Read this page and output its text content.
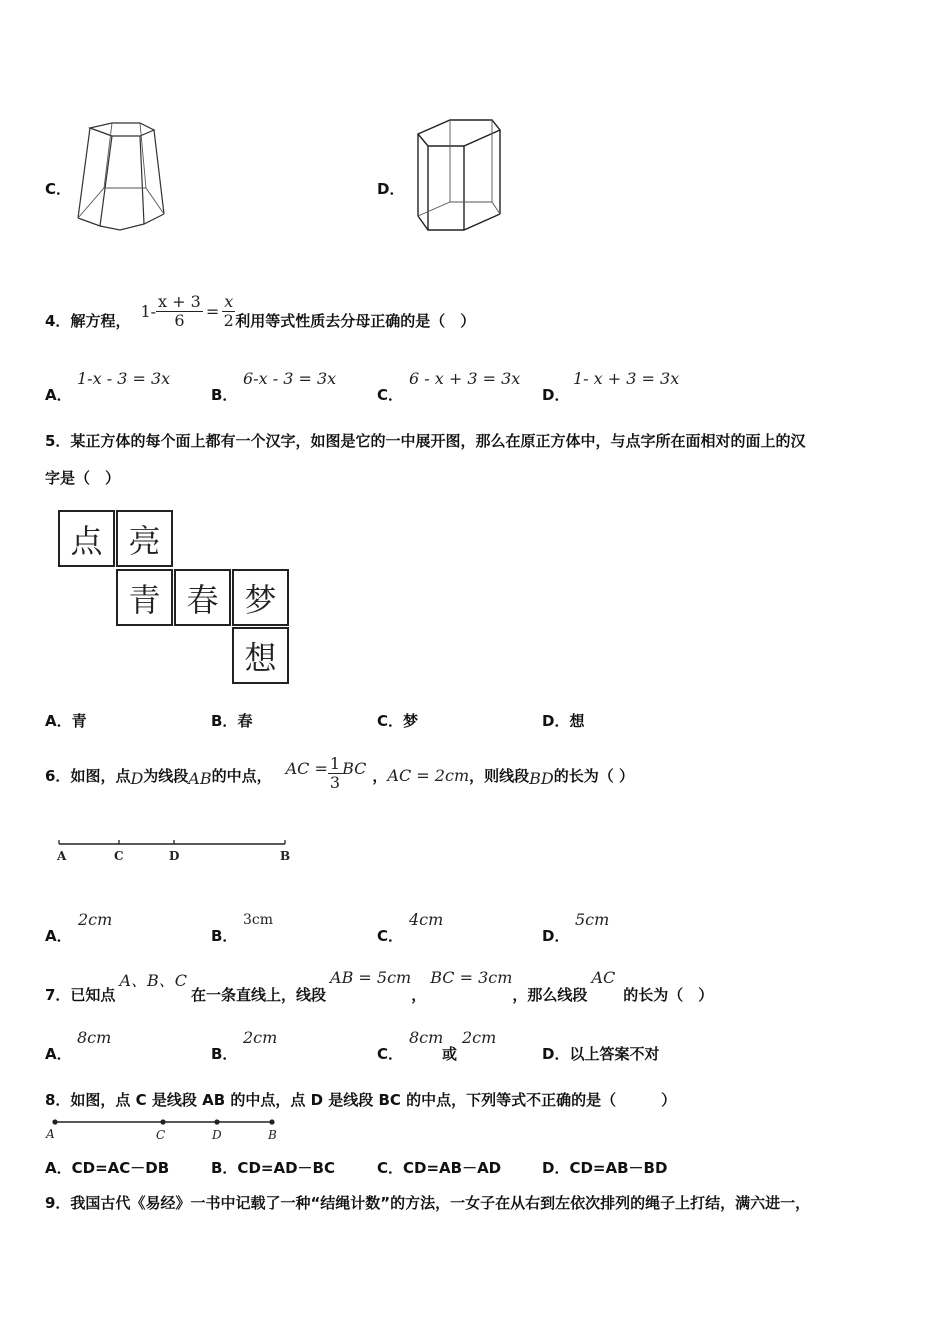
C．	D．
4． 解方程， $1- \frac{x + 3}{6} = \frac{x}{2}$ 利用等式性质去分母正确的是（　）
A．
1-x - 3 = 3x
B．
6-x - 3 = 3x
C．
6 - x + 3 = 3x
D．
1- x + 3 = 3x
5．某正方体的每个面上都有一个汉字，如图是它的一中展开图，那么在原正方体中，与点字所在面相对的面上的汉
字是（　）
点 亮
青 春 梦
想
A．青	B．春	C．梦	D．想
6． 如图，点 D 为线段 AB 的中点， AC = $\frac{1}{3}$ BC ， AC = 2cm ，则线段 BD 的长为（ ）
A	C	D	B
A．
2cm
B．
3cm
C．
4cm
D．
5cm
7．已知点
A、B、C
在一条直线上，线段
AB = 5cm
，
BC = 3cm
，那么线段
AC
的长为（　）
A．
8cm
B．
2cm
C．
8cm
或
2cm
D．以上答案不对
8．如图，点 C 是线段 AB 的中点，点 D 是线段 BC 的中点，下列等式不正确的是（　　　）
A	C	D	B
A．CD=AC－DB	B．CD=AD－BC	C．CD=AB－AD	D．CD=AB－BD
9．我国古代《易经》一书中记载了一种“结绳计数”的方法，一女子在从右到左依次排列的绳子上打结，满六进一，
